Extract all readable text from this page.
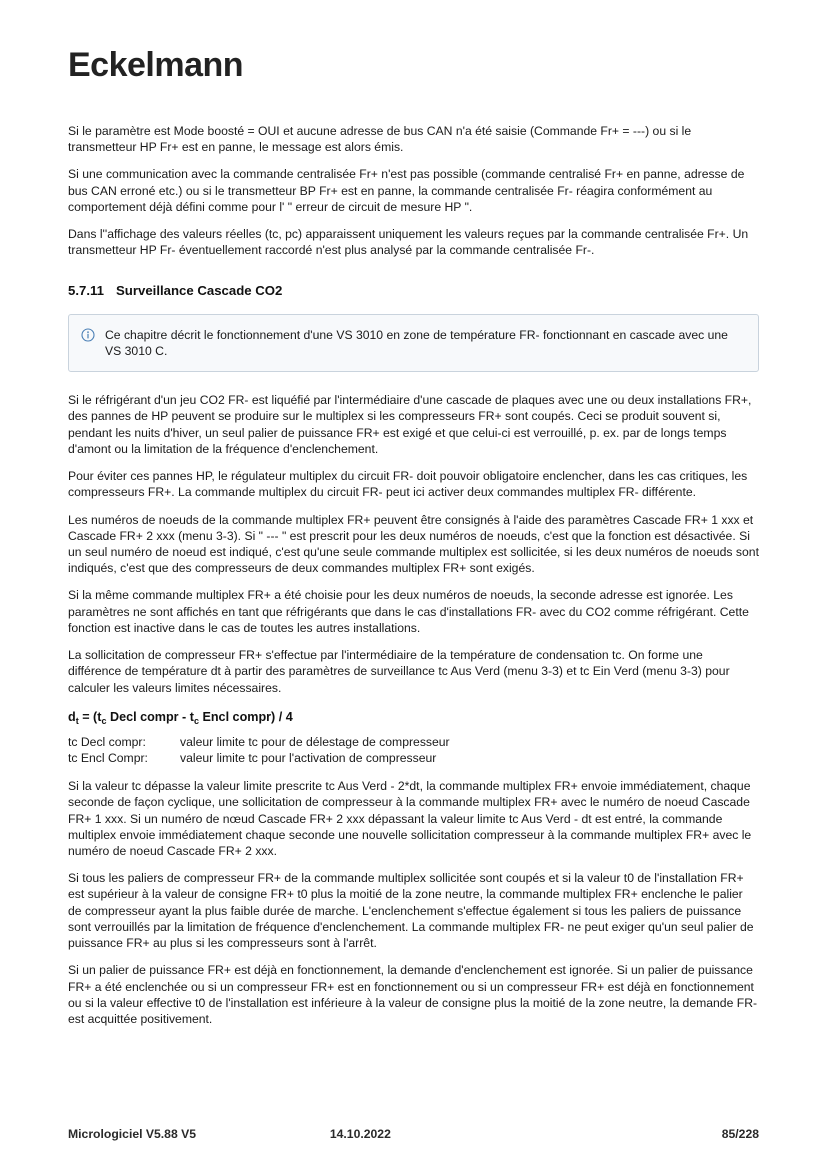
Eckelmann

Si le paramètre est Mode boosté = OUI et aucune adresse de bus CAN n'a été saisie (Commande Fr+ = ---) ou si le transmetteur HP Fr+ est en panne, le message est alors émis.

Si une communication avec la commande centralisée Fr+ n'est pas possible (commande centralisé Fr+ en panne, adresse de bus CAN erroné etc.) ou si le transmetteur BP Fr+ est en panne, la commande centralisée Fr- réagira conformément au comportement déjà défini comme pour l' " erreur de circuit de mesure HP ".

Dans l''affichage des valeurs réelles (tc, pc) apparaissent uniquement les valeurs reçues par la commande centralisée Fr+. Un transmetteur HP Fr- éventuellement raccordé n'est plus analysé par la commande centralisée Fr-.

5.7.11 Surveillance Cascade CO2
Ce chapitre décrit le fonctionnement d'une VS 3010 en zone de température FR- fonctionnant en cascade avec une VS 3010 C.

Si le réfrigérant d'un jeu CO2 FR- est liquéfié par l'intermédiaire d'une cascade de plaques avec une ou deux installations FR+, des pannes de HP peuvent se produire sur le multiplex si les compresseurs FR+ sont coupés. Ceci se produit souvent si, pendant les nuits d'hiver, un seul palier de puissance FR+ est exigé et que celui-ci est verrouillé, p. ex. par de longs temps d'amont ou la limitation de la fréquence d'enclenchement.

Pour éviter ces pannes HP, le régulateur multiplex du circuit FR- doit pouvoir obligatoire enclencher, dans les cas critiques, les compresseurs FR+. La commande multiplex du circuit FR- peut ici activer deux commandes multiplex FR- différente.

Les numéros de noeuds de la commande multiplex FR+ peuvent être consignés à l'aide des paramètres Cascade FR+ 1 xxx et Cascade FR+ 2 xxx (menu 3-3). Si " --- " est prescrit pour les deux numéros de noeuds, c'est que la fonction est désactivée. Si un seul numéro de noeud est indiqué, c'est qu'une seule commande multiplex est sollicitée, si les deux numéros de noeuds sont indiqués, c'est que des compresseurs de deux commandes multiplex FR+ sont exigés.

Si la même commande multiplex FR+ a été choisie pour les deux numéros de noeuds, la seconde adresse est ignorée. Les paramètres ne sont affichés en tant que réfrigérants que dans le cas d'installations FR- avec du CO2 comme réfrigérant. Cette fonction est inactive dans le cas de toutes les autres installations.

La sollicitation de compresseur FR+ s'effectue par l'intermédiaire de la température de condensation tc. On forme une différence de température dt à partir des paramètres de surveillance tc Aus Verd (menu 3-3) et tc Ein Verd (menu 3-3) pour calculer les valeurs limites nécessaires.

$d_t = (t_c$ Decl compr - $t_c$ Encl compr) / 4
tc Decl compr:	valeur limite tc pour de délestage de compresseur
tc Encl Compr:	valeur limite tc pour l'activation de compresseur

Si la valeur tc dépasse la valeur limite prescrite tc Aus Verd - 2*dt, la commande multiplex FR+ envoie immédiatement, chaque seconde de façon cyclique, une sollicitation de compresseur à la commande multiplex FR+ avec le numéro de noeud Cascade FR+ 1 xxx. Si un numéro de nœud Cascade FR+ 2 xxx dépassant la valeur limite tc Aus Verd - dt est entré, la commande multiplex envoie immédiatement chaque seconde une nouvelle sollicitation compresseur à la commande multiplex FR+ avec le numéro de noeud Cascade FR+ 2 xxx.

Si tous les paliers de compresseur FR+ de la commande multiplex sollicitée sont coupés et si la valeur t0 de l'installation FR+ est supérieur à la valeur de consigne FR+ t0 plus la moitié de la zone neutre, la commande multiplex FR+ enclenche le palier de compresseur ayant la plus faible durée de marche. L'enclenchement s'effectue également si tous les paliers de puissance sont verrouillés par la limitation de fréquence d'enclenchement. La commande multiplex FR- ne peut exiger qu'un seul palier de puissance FR+ au plus si les compresseurs sont à l'arrêt.

Si un palier de puissance FR+ est déjà en fonctionnement, la demande d'enclenchement est ignorée. Si un palier de puissance FR+ a été enclenchée ou si un compresseur FR+ est en fonctionnement ou si un compresseur FR+ est déjà en fonctionnement ou si la valeur effective t0 de l'installation est inférieure à la valeur de consigne plus la moitié de la zone neutre, la demande FR- est acquittée positivement.

Micrologiciel V5.88 V5	14.10.2022	85/228
